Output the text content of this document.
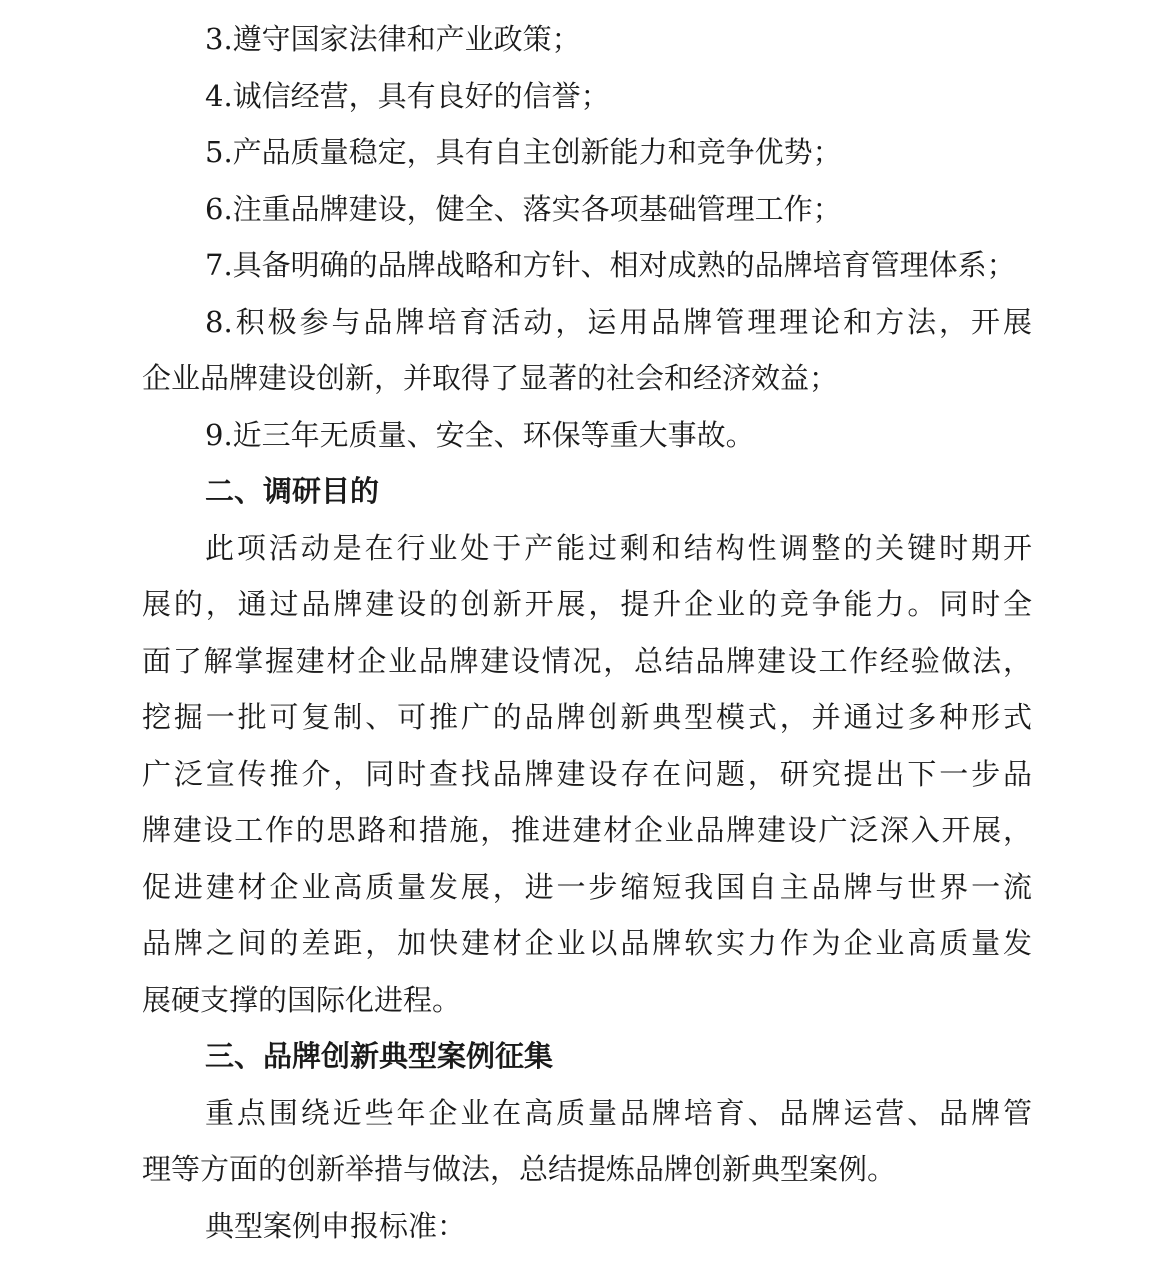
3.遵守国家法律和产业政策；
4.诚信经营，具有良好的信誉；
5.产品质量稳定，具有自主创新能力和竞争优势；
6.注重品牌建设，健全、落实各项基础管理工作；
7.具备明确的品牌战略和方针、相对成熟的品牌培育管理体系；
8.积极参与品牌培育活动，运用品牌管理理论和方法，开展
企业品牌建设创新，并取得了显著的社会和经济效益；
9.近三年无质量、安全、环保等重大事故。
二、调研目的
此项活动是在行业处于产能过剩和结构性调整的关键时期开
展的，通过品牌建设的创新开展，提升企业的竞争能力。同时全
面了解掌握建材企业品牌建设情况，总结品牌建设工作经验做法，
挖掘一批可复制、可推广的品牌创新典型模式，并通过多种形式
广泛宣传推介，同时查找品牌建设存在问题，研究提出下一步品
牌建设工作的思路和措施，推进建材企业品牌建设广泛深入开展，
促进建材企业高质量发展，进一步缩短我国自主品牌与世界一流
品牌之间的差距，加快建材企业以品牌软实力作为企业高质量发
展硬支撑的国际化进程。
三、品牌创新典型案例征集
重点围绕近些年企业在高质量品牌培育、品牌运营、品牌管
理等方面的创新举措与做法，总结提炼品牌创新典型案例。
典型案例申报标准：
